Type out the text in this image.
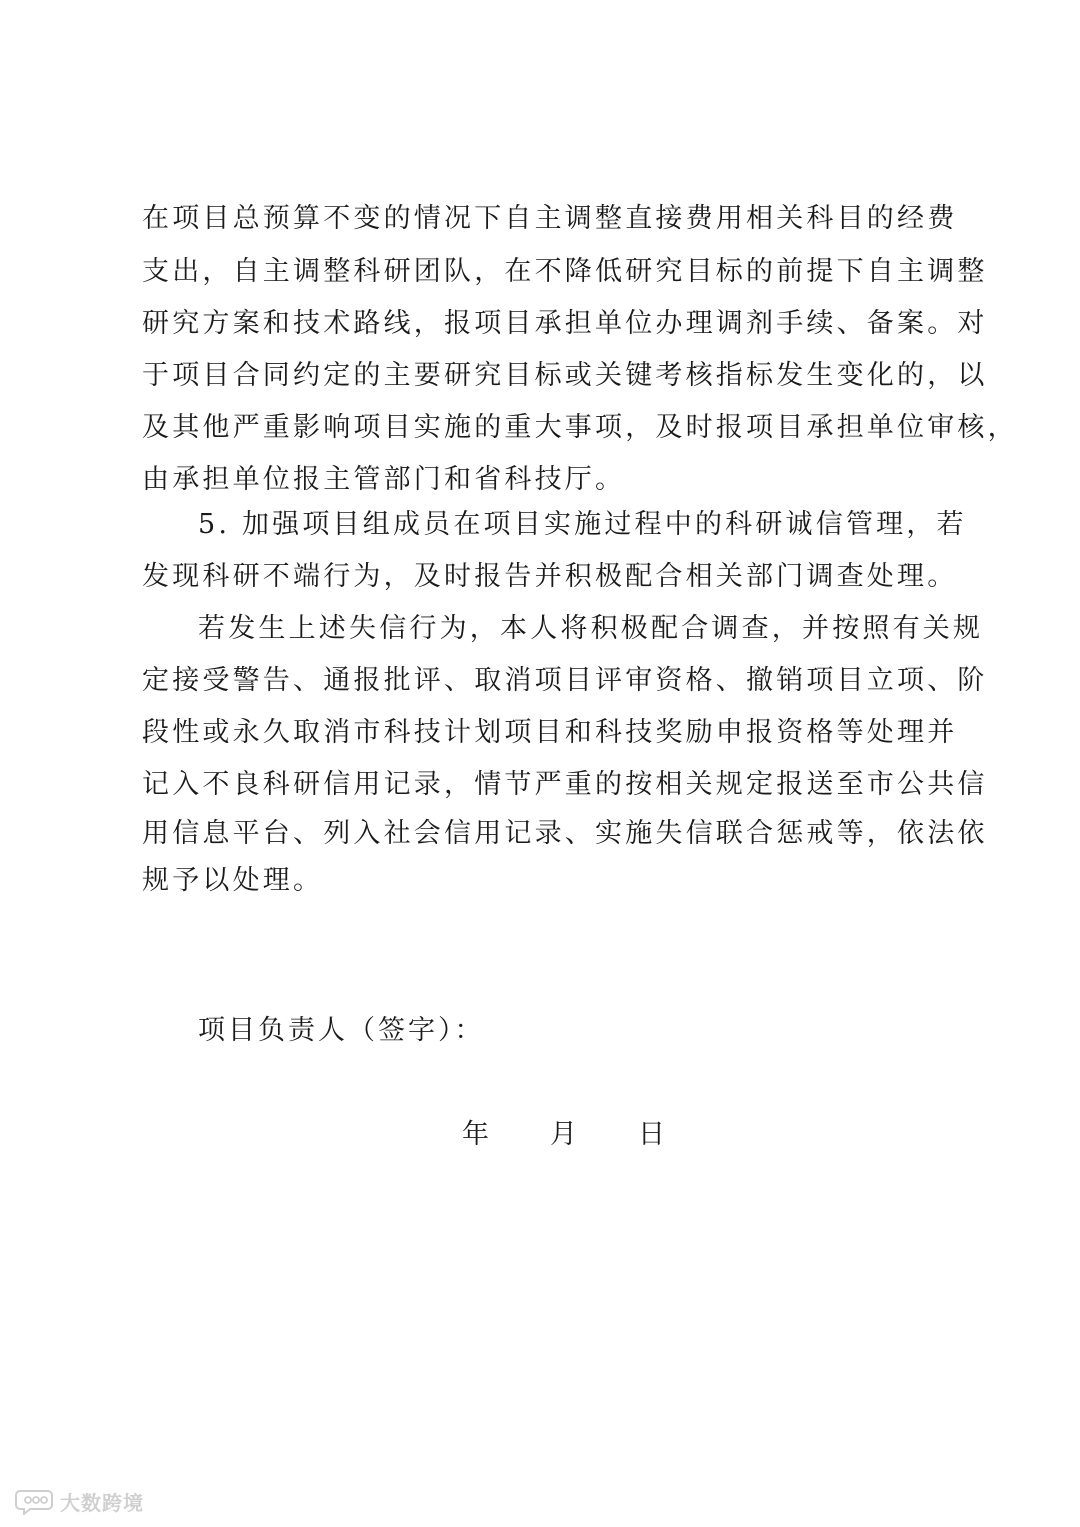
在项目总预算不变的情况下自主调整直接费用相关科目的经费
支出，自主调整科研团队，在不降低研究目标的前提下自主调整
研究方案和技术路线，报项目承担单位办理调剂手续、备案。对
于项目合同约定的主要研究目标或关键考核指标发生变化的，以
及其他严重影响项目实施的重大事项，及时报项目承担单位审核，
由承担单位报主管部门和省科技厅。
5. 加强项目组成员在项目实施过程中的科研诚信管理，若
发现科研不端行为，及时报告并积极配合相关部门调查处理。
若发生上述失信行为，本人将积极配合调查，并按照有关规
定接受警告、通报批评、取消项目评审资格、撤销项目立项、阶
段性或永久取消市科技计划项目和科技奖励申报资格等处理并
记入不良科研信用记录，情节严重的按相关规定报送至市公共信
用信息平台、列入社会信用记录、实施失信联合惩戒等，依法依
规予以处理。
项目负责人（签字）：
年 月 日
大数跨境
